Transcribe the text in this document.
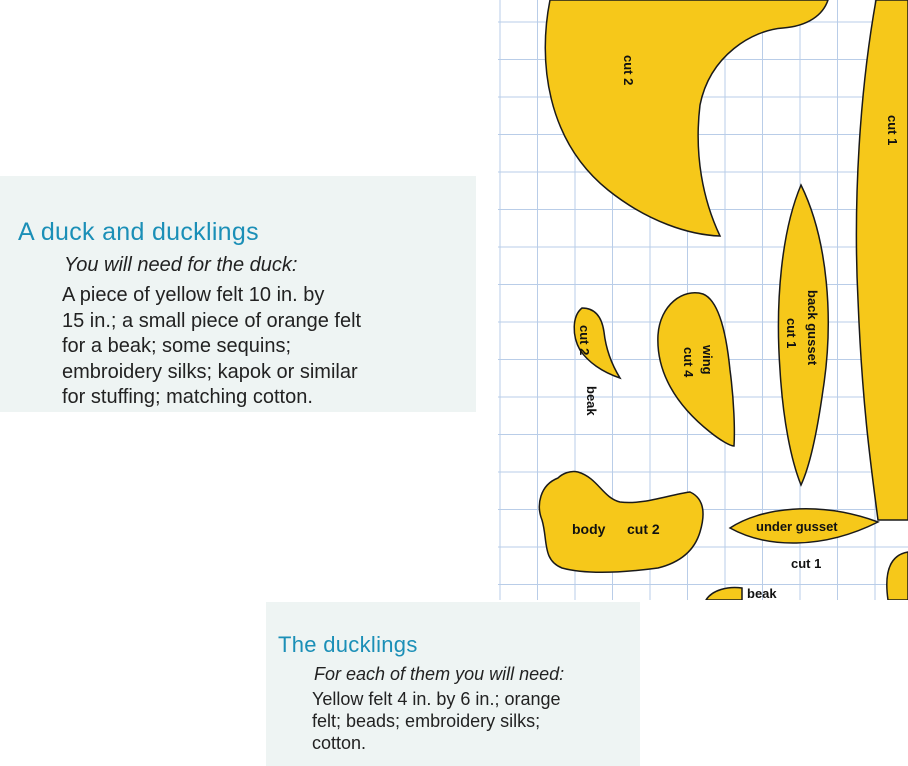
A duck and ducklings
You will need for the duck:
A piece of yellow felt 10 in. by
15 in.; a small piece of orange felt
for a beak; some sequins;
embroidery silks; kapok or similar
for stuffing; matching cotton.
The ducklings
For each of them you will need:
Yellow felt 4 in. by 6 in.; orange
felt; beads; embroidery silks;
cotton.
cut 2
cut 1
back gusset
cut 1
wing
cut 4
cut 2
beak
body cut 2	under gusset
cut 1
beak
